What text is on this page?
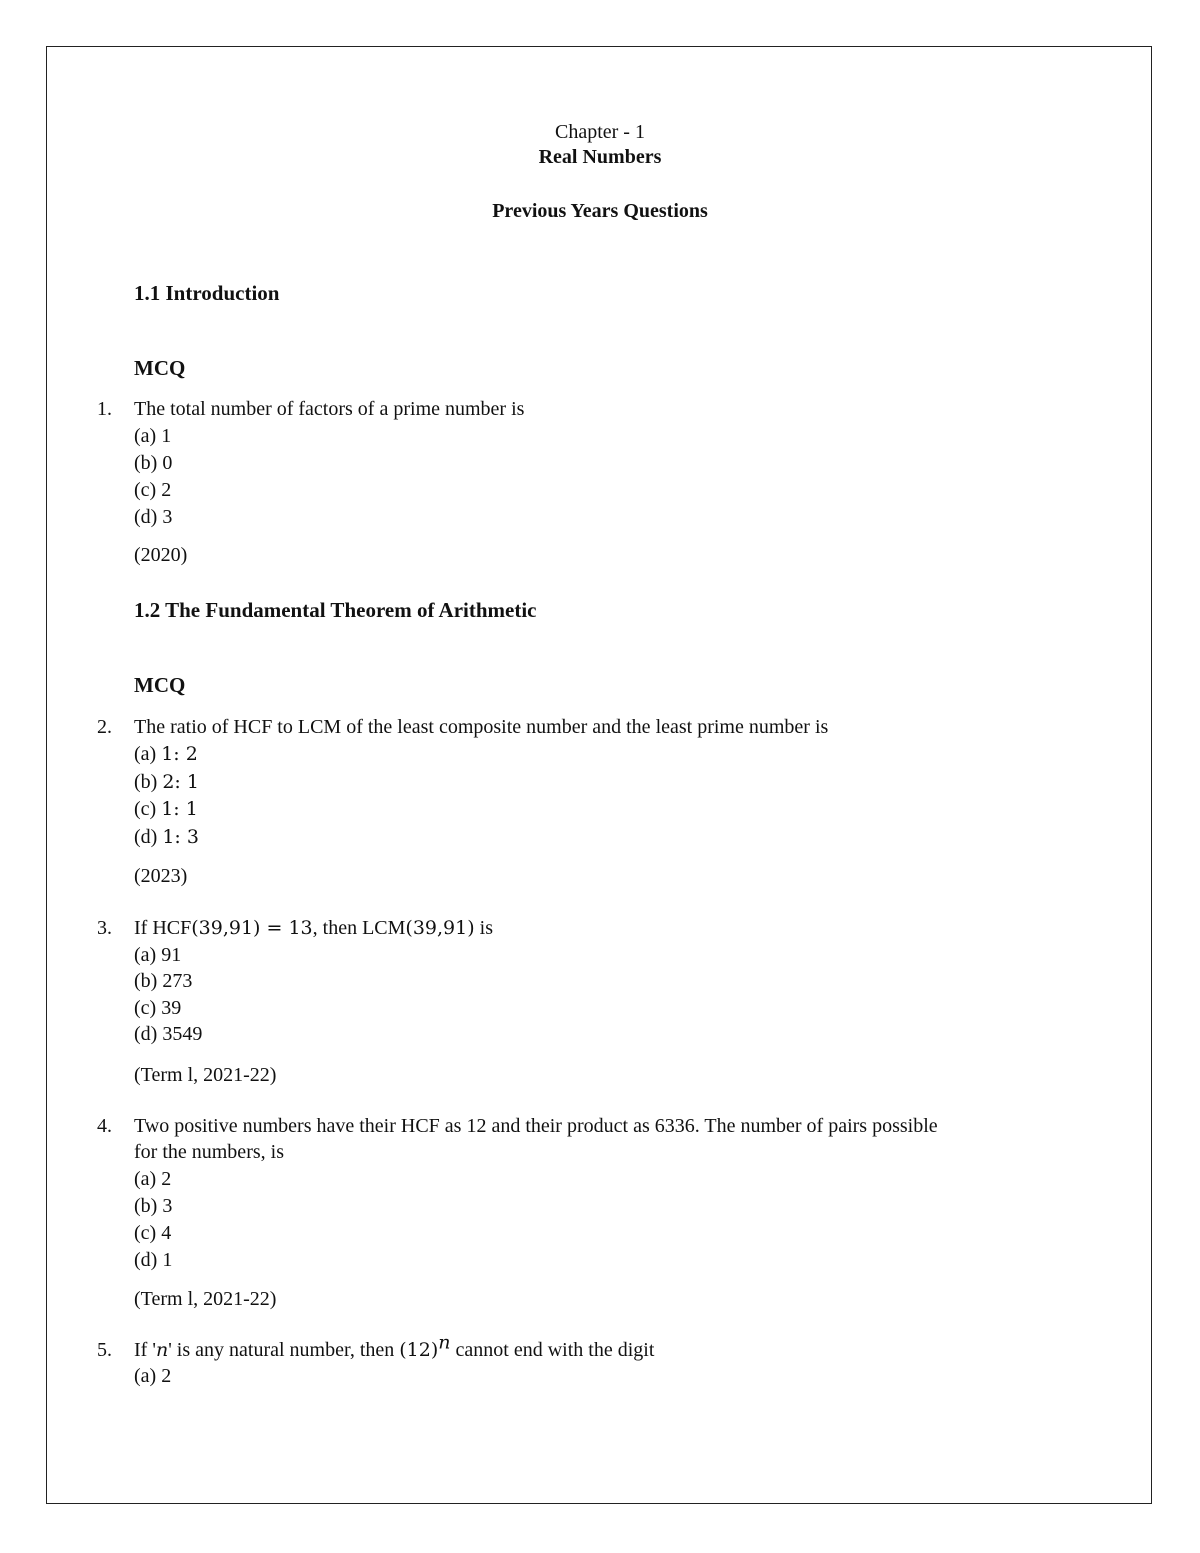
Chapter - 1
Real Numbers
Previous Years Questions
1.1 Introduction
MCQ
1. The total number of factors of a prime number is
(a) 1
(b) 0
(c) 2
(d) 3
(2020)
1.2 The Fundamental Theorem of Arithmetic
MCQ
2. The ratio of HCF to LCM of the least composite number and the least prime number is
(a) 1: 2
(b) 2: 1
(c) 1: 1
(d) 1: 3
(2023)
3. If HCF(39,91) = 13, then LCM(39,91) is
(a) 91
(b) 273
(c) 39
(d) 3549
(Term l, 2021-22)
4. Two positive numbers have their HCF as 12 and their product as 6336. The number of pairs possible
for the numbers, is
(a) 2
(b) 3
(c) 4
(d) 1
(Term l, 2021-22)
5. If 'n' is any natural number, then $(12)^n$ cannot end with the digit
(a) 2
